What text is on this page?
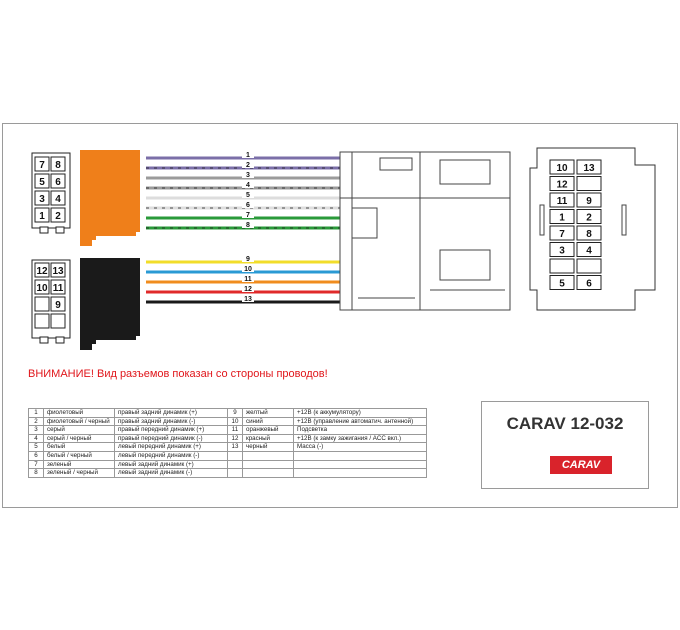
7 8
5 6
3 4
1 2
12 13
10 11
9
1
2
3
4
5
6
7
8
9
10
11
12
13
10 13
12
11 9
1 2
7 8
3 4
5 6
ВНИМАНИЕ! Вид разъемов показан со стороны проводов!
1	фиолетовый	правый задний динамик (+)	9	желтый	+12В (к аккумулятору)
2	фиолетовый / черный	правый задний динамик (-)	10	синий	+12В (управление автоматич. антенной)
3	серый	правый передний динамик (+)	11	оранжевый	Подсветка
4	серый / черный	правый передний динамик (-)	12	красный	+12В (к замку зажигания / ACC вкл.)
5	белый	левый передний динамик (+)	13	черный	Масса (-)
6	белый / черный	левый передний динамик (-)			
7	зеленый	левый задний динамик (+)			
8	зеленый / черный	левый задний динамик (-)			
CARAV 12-032
CARAV
